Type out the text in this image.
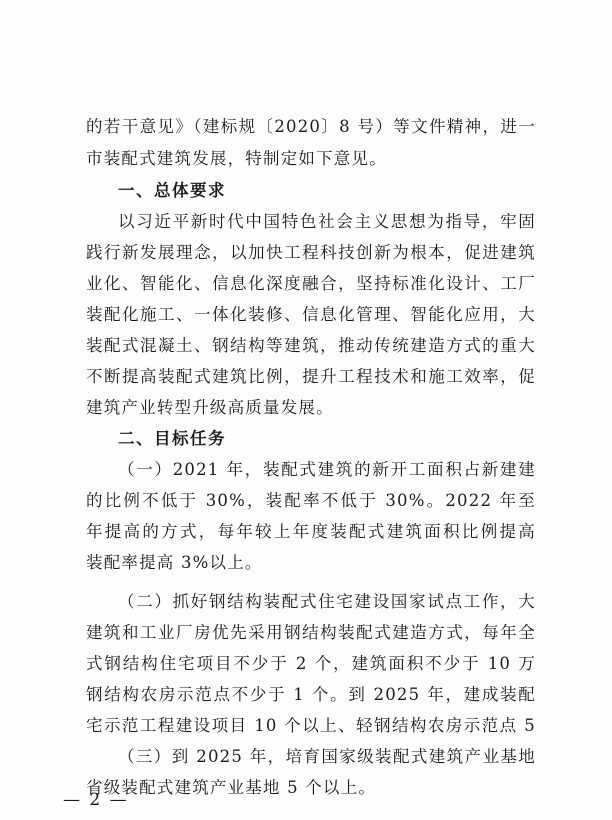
的若干意见》（建标规〔2020〕8 号）等文件精神，进一
市装配式建筑发展，特制定如下意见。
一、总体要求
以习近平新时代中国特色社会主义思想为指导，牢固
践行新发展理念，以加快工程科技创新为根本，促进建筑
业化、智能化、信息化深度融合，坚持标准化设计、工厂
装配化施工、一体化装修、信息化管理、智能化应用，大
装配式混凝土、钢结构等建筑，推动传统建造方式的重大
不断提高装配式建筑比例，提升工程技术和施工效率，促
建筑产业转型升级高质量发展。
二、目标任务
（一）2021 年，装配式建筑的新开工面积占新建建
的比例不低于 30%，装配率不低于 30%。2022 年至
年提高的方式，每年较上年度装配式建筑面积比例提高
装配率提高 3%以上。
（二）抓好钢结构装配式住宅建设国家试点工作，大
建筑和工业厂房优先采用钢结构装配式建造方式，每年全
式钢结构住宅项目不少于 2 个，建筑面积不少于 10 万
钢结构农房示范点不少于 1 个。到 2025 年，建成装配
宅示范工程建设项目 10 个以上、轻钢结构农房示范点 5
（三）到 2025 年，培育国家级装配式建筑产业基地
省级装配式建筑产业基地 5 个以上。
— 2 —
